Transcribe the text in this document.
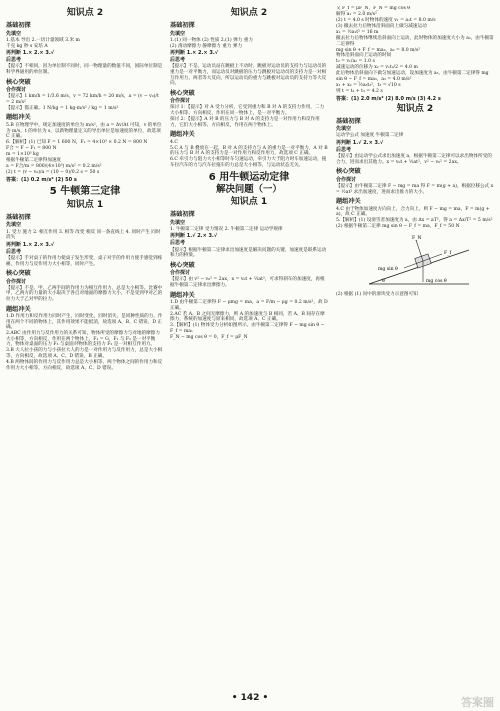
知识点 2
基础初探
先填空
1.基本 导出 2.一切计量领域 3.米 m
千克 kg 秒 s 安培 A
再判断 1.× 2.× 3.√
后思考
【提示】不相同，因为单位制不同时，同一物理量的数值不同，国际单位制是科学界通用的单位制。
核心突破
合作探讨
【提示】1 km/h = 1/3.6 m/s，v = 72 km/h = 20 m/s，a = (v − v₀)/t = 2 m/s²
【提示】都正确。1 N/kg = 1 kg·m/s² / kg = 1 m/s²
题组冲关
5.B 在物理学中，规定加速度的单位为 m/s²，由 a = Δv/Δt 可知，v 的单位为 m/s，t 的单位为 s，以新物理量定义的导出单位是加速度的单位，故选项 C 正确。
6.【解析】(1) 已知 F = 1 600 N，F₁ = 4×10³ × 0.2 N = 800 N
F合 = F − F₁ = 800 N
m = 1×10³ kg
根据牛顿第二定律得加速度
a = F合/m = 800/(4×10³) m/s² = 0.2 m/s²
(2) t = (v − v₀)/a = (10 − 0)/0.2 s = 50 s
答案：(1) 0.2 m/s² (2) 50 s
5 牛顿第三定律
知识点 1
基础初探
先填空
1. 受力 施力 2. 相互作用 3. 相等 改变 相反 同一条直线上 4. 同时产生 同时消失
再判断 1.× 2.× 3.√
后思考
【提示】手对桌子的作用力使桌子发生形变，桌子对手的作用力使手感觉到疼痛，作用力与反作用力大小相等，同时产生。
核心突破
合作探讨
【提示】不是。甲、乙两手间的作用力为相互作用力，总是大小相等。比赛中甲、乙两方的力量的大小取决于各自对地面的摩擦力大小，不是受到甲对乙的拉力大于乙对甲的拉力。
题组冲关
1.D 作用力和反作用力同时产生，同时变化，同时消失，是同种性质的力，作用在两个不同的物体上，其作用效果不能抵消，故选项 A、B、C 错误，D 正确。
2.ABC 由作用力与反作用力的关系可知，物体所受的摩擦力与对地的摩擦力大小相等，方向相反，作用在两个物体上，F₁ = G，F₁ 与 F₂ 是一对平衡力，物体对桌面的压力 F₃ 与桌面对物体的支持力 F₂ 是一对相互作用力。
3.B 大人拉小孩的力与小孩拉大人的力是一对作用力与反作用力，总是大小相等，方向相反，故选项 A、C、D 错误，B 正确。
4.B 两物体间的作用力与反作用力总是大小相等，两个物体之间的作用力和反作用力大小相等、方向相反，故选项 A、C、D 错误。
知识点 2
基础初探
先填空
1.(1) 同一物体 (2) 性质 2.(1) 弹力 重力
(2) 滑动摩擦力 静摩擦力 重力 弹力
再判断 1.× 2.× 3.√
后思考
【提示】不是。运动员站在跳板上不动时，跳板对运动员的支持力与运动员的重力是一对平衡力，而运动员对跳板的压力与跳板对运动员的支持力是一对相互作用力，两者等大反向，所以运动员的重力与跳板对运动员的支持力等大反向。
核心突破
合作探讨
探讨 1：【提示】对 A 受力分析，它受到重力和 B 对 A 的支持力作用，二力大小相等、方向相反，作用在同一物体上，是一对平衡力。
探讨 2：【提示】A 对 B 的压力与 B 对 A 的支持力是一对作用力和反作用力，它们大小相等、方向相反，作用在两个物体上。
题组冲关
4.C
5.C A 与 B 叠放在一起，B 对 A 的支持力与 A 的重力是一对平衡力，A 对 B 的压力与 B 对 A 的支持力是一对作用力和反作用力，故选项 C 正确。
6.C 牵引力与阻力大小相等时车匀速运动，牵引力大于阻力时车加速运动，拖车拉汽车的力与汽车拉拖车的力总是大小相等，与运动状态无关。
6 用牛顿运动定律
解决问题（一）
知识点 1
基础初探
先填空
1. 牛顿第二定律 受力情况 2. 牛顿第二定律 运动学规律
再判断 1.√ 2.× 3.√
后思考
【提示】根据牛顿第二定律求出加速度是解决问题的关键，加速度是联系运动和力的桥梁。
核心突破
合作探讨
【提示】由 v² − v₀² = 2ax，x = v₀t + ½at²，可求得刹车的加速度，再根据牛顿第二定律求出摩擦力。
题组冲关
1.D 由牛顿第二定律得 F − μmg = ma，a = F/m − μg = 0.2 m/s²，故 D 正确。
2.AC 若 A、B 之间无摩擦力，则 A 的加速度与 B 相同，若 A、B 间存在摩擦力，系统的加速度与原来相同，故选项 A、C 正确。
3.【解析】(1) 物体受力分析如图所示，由牛顿第二定律得 F − mg sin θ − F_f = ma₁
F_N − mg cos θ = 0，F_f = μF_N
又 F_f = μF_N，F_N = mg cos θ
解得 a₁ = 2.0 m/s²
(2) t = 4.0 s 时物体的速度 v₁ = a₁t = 8.0 m/s
(3) 撤去拉力后物体沿斜面向上做匀减速运动
x₁ = ½a₁t² = 16 m
撤去拉力后物体继续沿斜面向上运动，此时物体的加速度大小为 a₂，由牛顿第二定律得
mg sin θ + F_f = ma₂，a₂ = 8.0 m/s²
物体沿斜面向上运动的时间
t₂ = v₁/a₂ = 1.0 s
减速运动的位移为 x₂ = v₁t₂/2 = 4.0 m
此后物体沿斜面向下做匀加速运动，设加速度为 a₃，由牛顿第二定律得 mg sin θ − F_f = ma₃，a₃ = 4.0 m/s²
x₁ + x₂ = ½a₃t₃²，t₃ = √10 s
则 t = t₂ + t₃ = 4.2 s
答案：(1) 2.0 m/s² (2) 8.0 m/s (3) 4.2 s
知识点 2
基础初探
先填空
运动学公式 加速度 牛顿第二定律
再判断 1.√ 2.× 3.√
后思考
【提示】由运动学公式求出加速度 a，根据牛顿第二定律可以求出物体所受的合力，进而求出其他力。x = v₀t + ½at²，v² − v₀² = 2ax。
核心突破
合作探讨
【提示】由牛顿第二定律 F − mg = ma 得 F = m(g + a)，根据位移公式 x = ½at² 求出加速度，进而求出推力的大小。
题组冲关
4.C 由于物体加速度方向向上，合力向上，则 F − mg = ma，F = m(g + a)，故 C 正确。
5.【解析】(1) 设滑雪者加速度为 a，由 Δx = aT²，得 a = Δx/T² = 5 m/s²
(2) 根据牛顿第二定律 mg sin θ − F_f = ma，F_f = 50 N
F_N
F_f
mg sin θ
mg cos θ
θ
(2) 根据 (1) 问中的滑块受力示意图可知
• 142 •	答案圈
